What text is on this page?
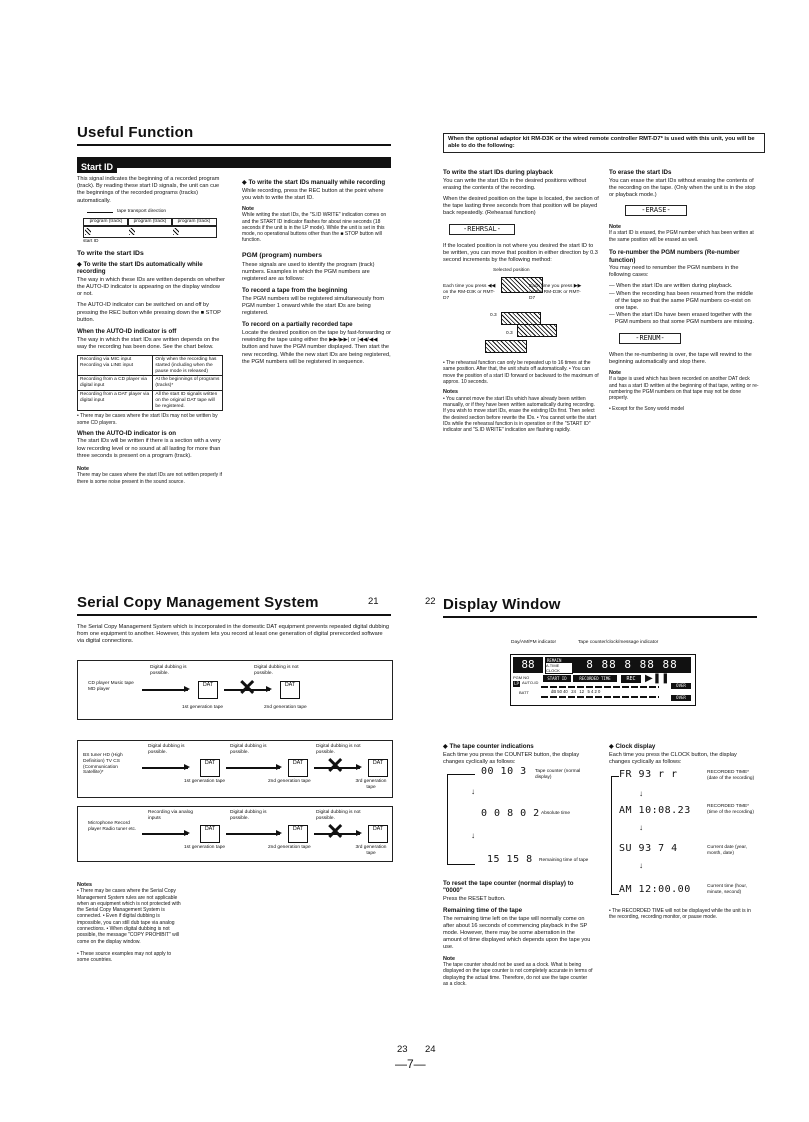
Useful Function
Start ID

This signal indicates the beginning of a recorded program (track). By reading these start ID signals, the unit can cue the beginnings of the recorded programs (tracks) automatically.

tape transport direction
program (track)	program (track)	program (track)
start ID
To write the start IDs
◆ To write the start IDs automatically while recording

The way in which these IDs are written depends on whether the AUTO-ID indicator is appearing on the display window or not.

The AUTO-ID indicator can be switched on and off by pressing the REC button while pressing down the ■ STOP button.

When the AUTO-ID indicator is off

The way in which the start IDs are written depends on the way the recording has been done. See the chart below.

Recording via MIC input Recording via LINE input	Only when the recording has started (including when the pause mode is released)
Recording from a CD player via digital input	At the beginnings of programs (tracks)*
Recording from a DAT player via digital input	All the start ID signals written on the original DAT tape will be registered.

• There may be cases where the start IDs may not be written by some CD players.

When the AUTO-ID indicator is on

The start IDs will be written if there is a section with a very low recording level or no sound at all lasting for more than three seconds is present on a program (track).

Note
There may be cases where the start IDs are not written properly if there is some noise present in the sound source.
◆ To write the start IDs manually while recording

While recording, press the REC button at the point where you wish to write the start ID.

Note
While writing the start IDs, the "S.ID WRITE" indication comes on and the START ID indicator flashes for about nine seconds (18 seconds if the unit is in the LP mode). While the unit is set in this mode, no operational buttons other than the ■ STOP button will function.
PGM (program) numbers

These signals are used to identify the program (track) numbers. Examples in which the PGM numbers are registered are as follows:

To record a tape from the beginning

The PGM numbers will be registered simultaneously from PGM number 1 onward while the start IDs are being registered.

To record on a partially recorded tape

Locate the desired position on the tape by fast-forwarding or rewinding the tape using either the ▶▶/▶▶| or |◀◀/◀◀ button and have the PGM number displayed. Then start the new recording. While the new start IDs are being registered, the PGM numbers will be registered in sequence.

21
When the optional adaptor kit RM-D3K or the wired remote controller RMT-D7* is used with this unit, you will be able to do the following:
To write the start IDs during playback

You can write the start IDs in the desired positions without erasing the contents of the recording.

When the desired position on the tape is located, the section of the tape lasting three seconds from that position will be played back repeatedly. (Rehearsal function)

-REHRSAL-

If the located position is not where you desired the start ID to be written, you can move that position in either direction by 0.3 second increments by the following method:

Selected position
Each time you press ◀◀ on the RM-D3K or RMT-D7
Each time you press ▶▶ on the RM-D3K or RMT-D7
0.3
0.3

• The rehearsal function can only be repeated up to 16 times at the same position. After that, the unit shuts off automatically. • You can move the position of a start ID forward or backward to the maximum of approx. 10 seconds.

Notes
• You cannot move the start IDs which have already been written manually, or if they have been written automatically during recording. If you wish to move start IDs, erase the existing IDs first. Then select the desired section before rewrite the IDs. • You cannot write the start IDs while the rehearsal function is in operation or if the "START ID" indicator and "S.ID WRITE" indication are flashing rapidly.
To erase the start IDs

You can erase the start IDs without erasing the contents of the recording on the tape. (Only when the unit is in the stop or playback mode.)

-ERASE-
Note
If a start ID is erased, the PGM number which has been written at the same position will be erased as well.
To re-number the PGM numbers (Re-number function)

You may need to renumber the PGM numbers in the following cases:

— When the start IDs are written during playback.
— When the recording has been resumed from the middle of the tape so that the same PGM numbers co-exist on one tape.
— When the start IDs have been erased together with the PGM numbers so that some PGM numbers are missing.
-RENUM-

When the re-numbering is over, the tape will rewind to the beginning automatically and stop there.

Note
If a tape is used which has been recorded on another DAT deck and has a start ID written at the beginning of that tape, writing or re-numbering the PGM numbers on that tape may not be done properly.

• Except for the Sony world model

22
Serial Copy Management System
The Serial Copy Management System which is incorporated in the domestic DAT equipment prevents repeated digital dubbing from one equipment to another. However, this system lets you record at least one generation of digital prerecorded software via digital connections.
CD player Music tape MD player
Digital dubbing is possible.
DAT
Digital dubbing is not possible.
✕	DAT
1st generation tape	2nd generation tape
BS tuner HD (High Definition) TV CS (Communication Satellite)*
Digital dubbing is possible.
DAT
Digital dubbing is possible.
DAT
Digital dubbing is not possible.
✕	DAT
1st generation tape	2nd generation tape	3rd generation tape
Microphone Record player Radio tuner etc.
Recording via analog inputs
DAT
Digital dubbing is possible.
DAT
Digital dubbing is not possible.
✕	DAT
1st generation tape	2nd generation tape	3rd generation tape
Notes
• There may be cases where the Serial Copy Management System rules are not applicable when an equipment which is not protected with the Serial Copy Management System is connected. • Even if digital dubbing is impossible, you can still dub tape via analog connections. • When digital dubbing is not possible, the message "COPY PROHIBIT" will come on the display window.
• These source examples may not apply to some countries.
23
Display Window
Day/AM/PM indicator	Tape counter/clock/message indicator
88	REMAIN
A.TIME
CLOCK	8 88 8 88 88
PGM NO
LP AUTO-ID
BATT
START ID	RECORDED TIME	REC ▶❚❚
dB 50 40   24   12   5 4 2 0
OVER
OVER
◆ The tape counter indications

Each time you press the COUNTER button, the display changes cyclically as follows:

↓
↓
00 10 3 Tape counter (normal display)
0 0 8 0 2 Absolute time
15 15 8 Remaining time of tape
To reset the tape counter (normal display) to "0000"

Press the RESET button.

Remaining time of the tape

The remaining time left on the tape will normally come on after about 16 seconds of commencing playback in the SP mode. However, there may be some aberration in the amount of time displayed which depends upon the tape you use.

Note
The tape counter should not be used as a clock. What is being displayed on the tape counter is not completely accurate in terms of displaying the actual time. Therefore, do not use the tape counter as a clock.
◆ Clock display

Each time you press the CLOCK button, the display changes cyclically as follows:

↓
↓
↓
FR 93 r r	RECORDED TIME* (date of the recording)
AM 10:08.23	RECORDED TIME* (time of the recording)
SU 93 7 4	Current date (year, month, date)
AM 12:00.00	Current time (hour, minute, second)

• The RECORDED TIME will not be displayed while the unit is in the recording, recording monitor, or pause mode.

24
—7—
